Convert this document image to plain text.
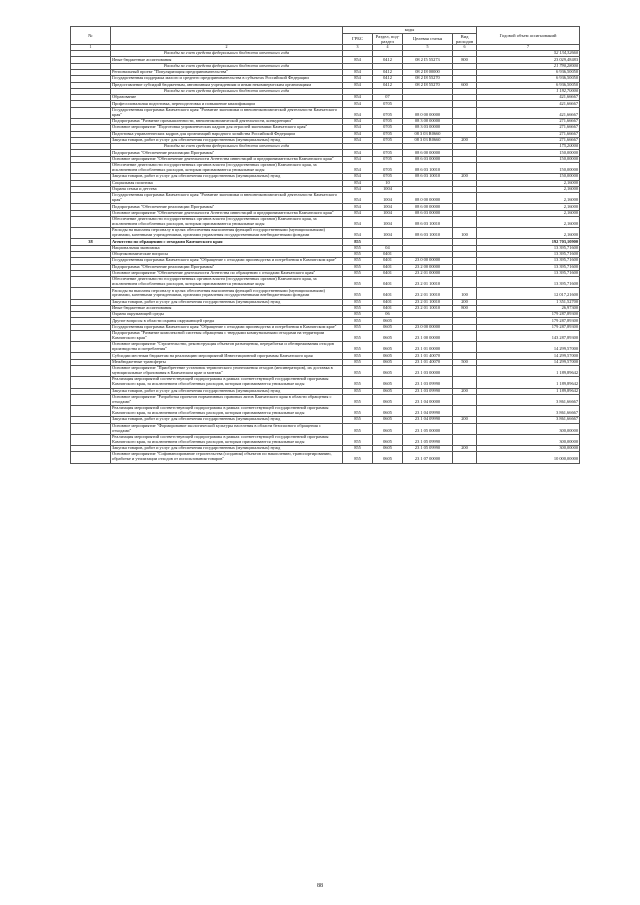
№		коды				Годовой объем ассигнований
		ГРБС	Раздел, под-раздел	Целевая статья	Вид расходов	
1	2	3	4	5	6	7
	Расходы за счет средств федерального бюджета отчетного года					52 134,32660
	Иные бюджетные ассигнования	854	0412	08 2 I5 55273	800	23 029,48483
	Расходы за счет средств федерального бюджета отчетного года					21 790,28000
	Региональный проект "Популяризация предпринимательства"	854	0412	08 2 I8 00000		6 936,50050
	Государственная поддержка малого и среднего предпринимательства в субъектах Российской Федерации	854	0412	08 2 I8 55270		6 936,50050
	Предоставление субсидий бюджетным, автономным учреждениям и иным некоммерческим организациям	854	0412	08 2 I8 55270	600	6 936,50050
	Расходы за счет средств федерального бюджета отчетного года					1 192,70000
	Образование	854	07			421,66667
	Профессиональная подготовка, переподготовка и повышение квалификации	854	0705			421,66667
	Государственная программа Камчатского края "Развитие экономики и внешнеэкономической деятельности Камчатского края"	854	0705	08 0 00 00000		421,66667
	Подпрограмма "Развитие промышленности, внешнеэкономической деятельности, конкуренции"	854	0705	08 3 00 00000		271,66667
	Основное мероприятие "Подготовка управленческих кадров для отраслей экономики Камчатского края"	854	0705	08 3 03 00000		271,66667
	Подготовка управленческих кадров для организаций народного хозяйства Российской Федерации	854	0705	08 3 03 R0660		271,66667
	Закупка товаров, работ и услуг для обеспечения государственных (муниципальных) нужд	854	0705	08 3 03 R0660	200	271,66667
	Расходы за счет средств федерального бюджета отчетного года					175,20000
	Подпрограмма "Обеспечение реализации Программы"	854	0705	08 6 00 00000		150,00000
	Основное мероприятие "Обеспечение деятельности Агентства инвестиций и предпринимательства Камчатского края"	854	0705	08 6 03 00000		150,00000
	Обеспечение деятельности государственных органов власти (государственных органов) Камчатского края, за исключением обособленных расходов, которым присваиваются уникальные коды	854	0705	08 6 03 10010		150,00000
	Закупка товаров, работ и услуг для обеспечения государственных (муниципальных) нужд	854	0705	08 6 03 10010	200	150,00000
	Социальная политика	854	10			2,16000
	Охрана семьи и детства	854	1004			2,16000
	Государственная программа Камчатского края "Развитие экономики и внешнеэкономической деятельности Камчатского края"	854	1004	08 0 00 00000		2,16000
	Подпрограмма "Обеспечение реализации Программы"	854	1004	08 6 00 00000		2,16000
	Основное мероприятие "Обеспечение деятельности Агентства инвестиций и предпринимательства Камчатского края"	854	1004	08 6 03 00000		2,16000
	Обеспечение деятельности государственных органов власти (государственных органов) Камчатского края, за исключением обособленных расходов, которым присваиваются уникальные коды	854	1004	08 6 03 10010		2,16000
	Расходы на выплаты персоналу в целях обеспечения выполнения функций государственными (муниципальными) органами, казенными учреждениями, органами управления государственными внебюджетными фондами	854	1004	08 6 03 10010	100	2,16000
38	Агентство по обращению с отходами Камчатского края	855				192 703,10900
	Национальная экономика	855	04			13 395,71600
	Общеэкономические вопросы	855	0401			13 395,71600
	Государственная программа Камчатского края "Обращение с отходами производства и потребления в Камчатском крае"	855	0401	23 0 00 00000		13 395,71600
	Подпрограмма "Обеспечение реализации Программы"	855	0401	23 2 00 00000		13 395,71600
	Основное мероприятие "Обеспечение деятельности Агентства по обращению с отходами Камчатского края"	855	0401	23 2 01 00000		13 395,71600
	Обеспечение деятельности государственных органов власти (государственных органов) Камчатского края, за исключением обособленных расходов, которым присваиваются уникальные коды	855	0401	23 2 01 10010		13 395,71600
	Расходы на выплаты персоналу в целях обеспечения выполнения функций государственными (муниципальными) органами, казенными учреждениями, органами управления государственными внебюджетными фондами	855	0401	23 2 01 10010	100	12 017,21600
	Закупка товаров, работ и услуг для обеспечения государственных (муниципальных) нужд	855	0401	23 2 01 10010	200	1 351,52700
	Иные бюджетные ассигнования	855	0401	23 2 01 10010	800	26,97300
	Охрана окружающей среды	855	06			179 287,89300
	Другие вопросы в области охраны окружающей среды	855	0605			179 287,89300
	Государственная программа Камчатского края "Обращение с отходами производства и потребления в Камчатском крае"	855	0605	23 0 00 00000		179 287,89300
	Подпрограмма "Развитие комплексной системы обращения с твердыми коммунальными отходами на территории Камчатского края"	855	0605	23 1 00 00000		143 287,89300
	Основное мероприятие "Строительство, реконструкция объектов размещения, переработки и обезвреживания отходов производства и потребления"	855	0605	23 1 01 00000		14 299,57000
	Субсидии местным бюджетам на реализацию мероприятий Инвестиционной программы Камчатского края	855	0605	23 1 01 40070		14 299,57000
	Межбюджетные трансферты	855	0605	23 1 01 40070	500	14 299,57000
	Основное мероприятие "Приобретение установок термического уничтожения отходов (инсинераторов), их доставка в муниципальные образования в Камчатском крае и монтаж"	855	0605	23 1 03 00000		1 189,89642
	Реализация мероприятий соответствующей подпрограммы в рамках соответствующей государственной программы Камчатского края, за исключением обособленных расходов, которым присваиваются уникальные коды	855	0605	23 1 03 09990		1 189,89642
	Закупка товаров, работ и услуг для обеспечения государственных (муниципальных) нужд	855	0605	23 1 03 09990	200	1 189,89642
	Основное мероприятие "Разработка проектов нормативных правовых актов Камчатского края в области обращения с отходами"	855	0605	23 1 04 00000		3 861,66667
	Реализация мероприятий соответствующей подпрограммы в рамках соответствующей государственной программы Камчатского края, за исключением обособленных расходов, которым присваиваются уникальные коды	855	0605	23 1 04 09990		3 861,66667
	Закупка товаров, работ и услуг для обеспечения государственных (муниципальных) нужд	855	0605	23 1 04 09990	200	3 861,66667
	Основное мероприятие "Формирование экологической культуры населения в области безопасного обращения с отходами"	855	0605	23 1 05 00000		300,00000
	Реализация мероприятий соответствующей подпрограммы в рамках соответствующей государственной программы Камчатского края, за исключением обособленных расходов, которым присваиваются уникальные коды	855	0605	23 1 05 09990		300,00000
	Закупка товаров, работ и услуг для обеспечения государственных (муниципальных) нужд	855	0605	23 1 05 09990	200	300,00000
	Основное мероприятие "Софинансирование строительства (создания) объектов по накоплению, транспортированию, обработке и утилизации отходов от использования товаров"	855	0605	23 1 07 00000		10 000,00000
88
